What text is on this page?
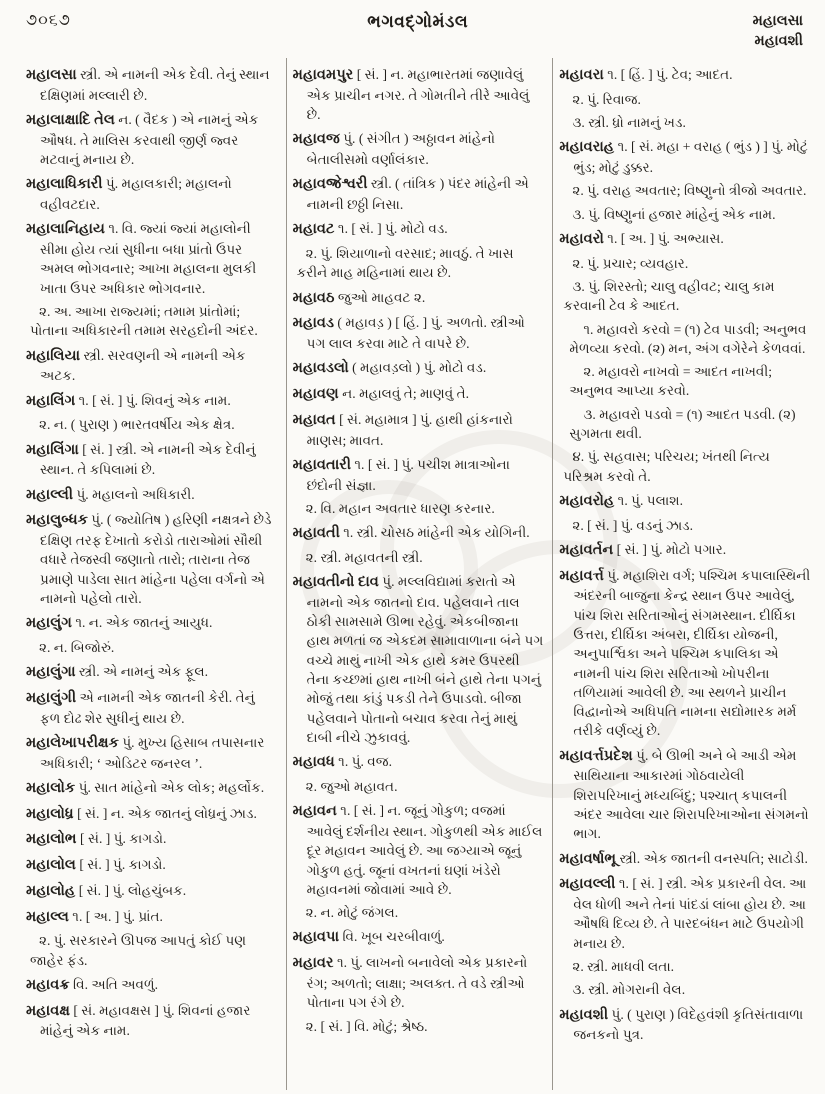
૭૦૬૭	ભગવદ્ગોમંડલ	મહાલસા
મહાવશી
મહાલસા સ્ત્રી. એ નામની એક દેવી. તેનું સ્થાન દક્ષિણમાં મલ્લારી છે.
મહાલાક્ષાદિ તેલ ન. ( વૈદક ) એ નામનું એક ઔષધ. તે માલિસ કરવાથી જીર્ણ જ્વર મટવાનું મનાય છે.
મહાલાધિકારી પું. મહાલકારી; મહાલનો વહીવટદાર.
મહાલાનિહાય ૧. વિ. જ્યાં જ્યાં મહાલોની સીમા હોય ત્યાં સુધીના બધા પ્રાંતો ઉપર અમલ ભોગવનાર; આખા મહાલના મુલકી ખાતા ઉપર અધિકાર ભોગવનાર.
૨. અ. આખા રાજ્યમાં; તમામ પ્રાંતોમાં; પોતાના અધિકારની તમામ સરહદોની અંદર.
મહાલિયા સ્ત્રી. સરવણની એ નામની એક અટક.
મહાલિંગ ૧. [ સં. ] પું. શિવનું એક નામ.
૨. ન. ( પુરાણ ) ભારતવર્ષીય એક ક્ષેત્ર.
મહાલિંગા [ સં. ] સ્ત્રી. એ નામની એક દેવીનું સ્થાન. તે કપિલામાં છે.
મહાલ્લી પું. મહાલનો અધિકારી.
મહાલુબ્ધક પું. ( જ્યોતિષ ) હરિણી નક્ષત્રને છેડે દક્ષિણ તરફ દેખાતો કરોડો તારાઓમાં સૌથી વધારે તેજસ્વી જણાતો તારો; તારાના તેજ પ્રમાણે પાડેલા સાત માંહેના પહેલા વર્ગનો એ નામનો પહેલો તારો.
મહાલુંગ ૧. ન. એક જાતનું આયુધ.
૨. ન. બિજોરું.
મહાલુંગા સ્ત્રી. એ નામનું એક ફૂલ.
મહાલુંગી એ નામની એક જાતની કેરી. તેનું ફળ દોઢ શેર સુધીનું થાય છે.
મહાલેખાપરીક્ષક પું. મુખ્ય હિસાબ તપાસનાર અધિકારી; ‘ ઓડિટર જનરલ ’.
મહાલોક પું. સાત માંહેનો એક લોક; મહર્લોક.
મહાલોધ્ર [ સં. ] ન. એક જાતનું લોધ્રનું ઝાડ.
મહાલોભ [ સં. ] પું. કાગડો.
મહાલોલ [ સં. ] પું. કાગડો.
મહાલોહ [ સં. ] પું. લોહચુંબક.
મહાલ્લ ૧. [ અ. ] પું. પ્રાંત.
૨. પું. સરકારને ઊપજ આપતું કોઈ પણ જાહેર ફંડ.
મહાવક્ર વિ. અતિ અવળું.
મહાવક્ષ [ સં. મહાવક્ષસ ] પું. શિવનાં હજાર માંહેનું એક નામ.
મહાવમપુર [ સં. ] ન. મહાભારતમાં જણાવેલું એક પ્રાચીન નગર. તે ગોમતીને તીરે આવેલું છે.
મહાવજ પું. ( સંગીત ) અઠ્ઠાવન માંહેનો બેતાલીસમો વર્ણાલંકાર.
મહાવજ્રેશ્વરી સ્ત્રી. ( તાંત્રિક ) પંદર માંહેની એ નામની છઠ્ઠી નિસા.
મહાવટ ૧. [ સં. ] પું. મોટો વડ.
૨. પું. શિયાળાનો વરસાદ; માવઠું. તે ખાસ કરીને માહ મહિનામાં થાય છે.
મહાવઠ જુઓ માહવટ ૨.
મહાવડ ( મહાવડ઼ ) [ હિં. ] પું. અળતો. સ્ત્રીઓ પગ લાલ કરવા માટે તે વાપરે છે.
મહાવડલો ( મહાવડ઼લો ) પું. મોટો વડ.
મહાવણ ન. મહાલવું તે; માણવું તે.
મહાવત [ સં. મહામાત્ર ] પું. હાથી હાંકનારો માણસ; માવત.
મહાવતારી ૧. [ સં. ] પું. પચીશ માત્રાઓના છંદોની સંજ્ઞા.
૨. વિ. મહાન અવતાર ધારણ કરનાર.
મહાવતી ૧. સ્ત્રી. ચોસઠ માંહેની એક યોગિની.
૨. સ્ત્રી. મહાવતની સ્ત્રી.
મહાવતીનો દાવ પું. મલ્લવિદ્યામાં કરાતો એ નામનો એક જાતનો દાવ. પહેલવાને તાલ ઠોકી સામસામે ઊભા રહેવું. એકબીજાના હાથ મળતાં જ એકદમ સામાવાળાના બંને પગ વચ્ચે માથું નાખી એક હાથે કમર ઉપરથી તેના કચ્છમાં હાથ નાખી બંને હાથે તેના પગનું મોજું તથા કાંડું પકડી તેને ઉપાડવો. બીજા પહેલવાને પોતાનો બચાવ કરવા તેનું માથું દાબી નીચે ઝુકાવવું.
મહાવધ ૧. પું. વજ.
૨. જુઓ મહાવત.
મહાવન ૧. [ સં. ] ન. જૂનું ગોકુળ; વજમાં આવેલું દર્શનીય સ્થાન. ગોકુળથી એક માઈલ દૂર મહાવન આવેલું છે. આ જગ્યાએ જૂનું ગોકુળ હતું. જૂનાં વખતનાં ઘણાં ખંડેરો મહાવનમાં જોવામાં આવે છે.
૨. ન. મોટું જંગલ.
મહાવપા વિ. ખૂબ ચરબીવાળું.
મહાવર ૧. પું. લાખનો બનાવેલો એક પ્રકારનો રંગ; અળતો; લાક્ષા; અલક્ત. તે વડે સ્ત્રીઓ પોતાના પગ રંગે છે.
૨. [ સં. ] વિ. મોટું; શ્રેષ્ઠ.
મહાવરા ૧. [ હિં. ] પું. ટેવ; આદત.
૨. પું. રિવાજ.
૩. સ્ત્રી. ધ્રો નામનું ખડ.
મહાવરાહ ૧. [ સં. મહા + વરાહ ( ભુંડ ) ] પું. મોટું ભુંડ; મોટું ડુક્કર.
૨. પું. વરાહ અવતાર; વિષ્ણુનો ત્રીજો અવતાર.
૩. પું. વિષ્ણુનાં હજાર માંહેનું એક નામ.
મહાવરો ૧. [ અ. ] પું. અભ્યાસ.
૨. પું. પ્રચાર; વ્યવહાર.
૩. પું. શિરસ્તો; ચાલુ વહીવટ; ચાલુ કામ કરવાની ટેવ કે આદત.
૧. મહાવરો કરવો = (૧) ટેવ પાડવી; અનુભવ મેળવ્યા કરવો. (૨) મન, અંગ વગેરેને કેળવવાં.
૨. મહાવરો નાખવો = આદત નાખવી; અનુભવ આપ્યા કરવો.
૩. મહાવરો પડવો = (૧) આદત પડવી. (૨) સુગમતા થવી.
૪. પું. સહવાસ; પરિચય; ખંતથી નિત્ય પરિશ્રમ કરવો તે.
મહાવરોહ ૧. પું. પલાશ.
૨. [ સં. ] પું. વડનું ઝાડ.
મહાવર્તન [ સં. ] પું. મોટો પગાર.
મહાવર્ત્ત પું. મહાશિરા વર્ગ; પશ્ચિમ કપાલાસ્થિની અંદરની બાજુના કેન્દ્ર સ્થાન ઉપર આવેલું, પાંચ શિરા સરિતાઓનું સંગમસ્થાન. દીર્ઘિકા ઉત્તરા, દીર્ઘિકા અંબરા, દીર્ઘિકા યોજની, અનુપાર્શ્વિકા અને પશ્ચિમ કપાલિકા એ નામની પાંચ શિરા સરિતાઓ ખોપરીના તળિયામાં આવેલી છે. આ સ્થળને પ્રાચીન વિદ્વાનોએ અધિપતિ નામના સદ્યોમારક મર્મ તરીકે વર્ણવ્યું છે.
મહાવર્ત્તપ્રદેશ પું. બે ઊભી અને બે આડી એમ સાથિયાના આકારમાં ગોઠવાયેલી શિરાપરિખાનું મધ્યબિંદુ; પશ્ચાત્ કપાલની અંદર આવેલા ચાર શિરાપરિખાઓના સંગમનો ભાગ.
મહાવર્ષાભૂ સ્ત્રી. એક જાતની વનસ્પતિ; સાટોડી.
મહાવલ્લી ૧. [ સં. ] સ્ત્રી. એક પ્રકારની વેલ. આ વેલ ધોળી અને તેનાં પાંદડાં લાંબા હોય છે. આ ઔષધિ દિવ્ય છે. તે પારદબંધન માટે ઉપયોગી મનાય છે.
૨. સ્ત્રી. માધવી લતા.
૩. સ્ત્રી. મોગરાની વેલ.
મહાવશી પું. ( પુરાણ ) વિદેહવંશી કૃતિસંતાવાળા જનકનો પુત્ર.
